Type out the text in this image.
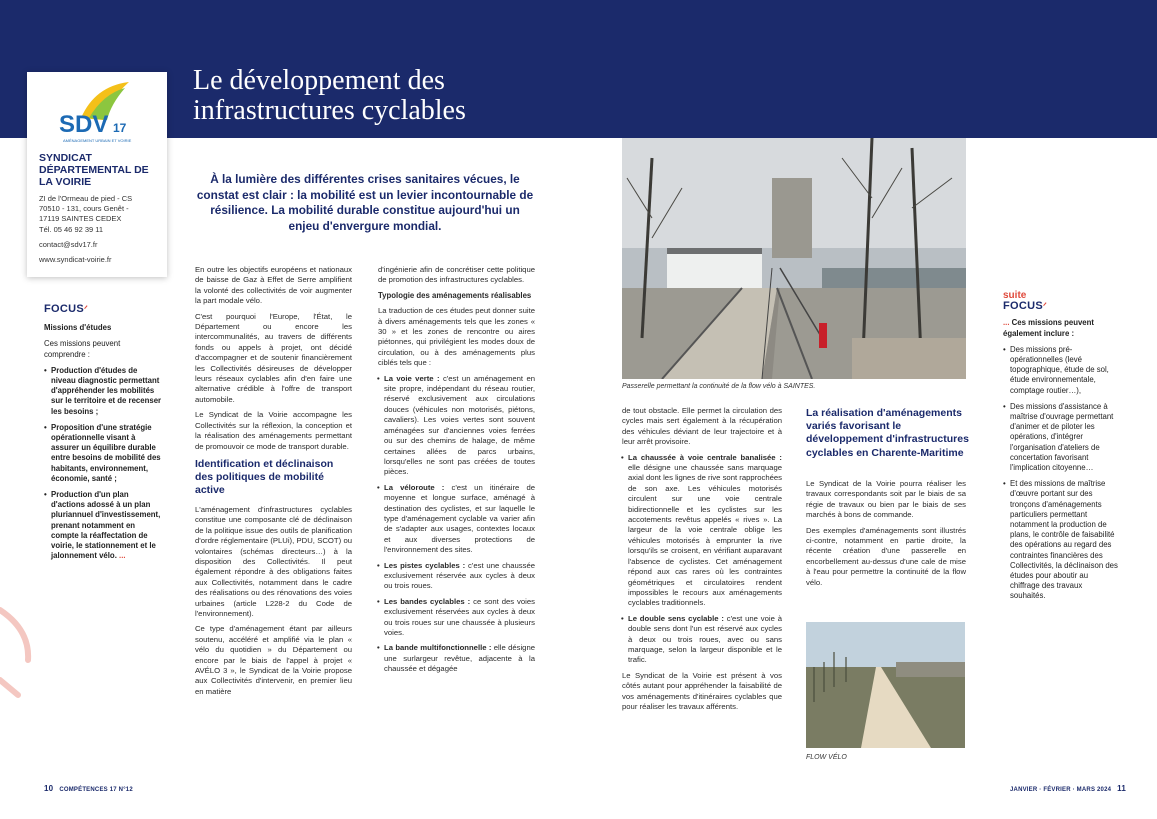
Le développement des
infrastructures cyclables
SDV 17
AMÉNAGEMENT URBAIN ET VOIRIE
SYNDICAT
DÉPARTEMENTAL DE
LA VOIRIE
ZI de l'Ormeau de pied - CS
70510 - 131, cours Genêt -
17119 SAINTES CEDEX
Tél. 05 46 92 39 11
contact@sdv17.fr
www.syndicat-voirie.fr
FOCUSᐟ
Missions d'études
Ces missions peuvent comprendre :
• Production d'études de niveau diagnostic permettant d'appréhender les mobilités sur le territoire et de recenser les besoins ;
• Proposition d'une stratégie opérationnelle visant à assurer un équilibre durable entre besoins de mobilité des habitants, environnement, économie, santé ;
• Production d'un plan d'actions adossé à un plan pluriannuel d'investissement, prenant notamment en compte la réaffectation de voirie, le stationnement et le jalonnement vélo. ...
À la lumière des différentes crises sanitaires vécues, le constat est clair : la mobilité est un levier incontournable de résilience. La mobilité durable constitue aujourd'hui un enjeu d'envergure mondial.

En outre les objectifs européens et nationaux de baisse de Gaz à Effet de Serre amplifient la volonté des collectivités de voir augmenter la part modale vélo.

C'est pourquoi l'Europe, l'État, le Département ou encore les intercommunalités, au travers de différents fonds ou appels à projet, ont décidé d'accompagner et de soutenir financièrement les Collectivités désireuses de développer leurs réseaux cyclables afin d'en faire une alternative crédible à l'offre de transport automobile.

Le Syndicat de la Voirie accompagne les Collectivités sur la réflexion, la conception et la réalisation des aménagements permettant de promouvoir ce mode de transport durable.

Identification et déclinaison des politiques de mobilité active

L'aménagement d'infrastructures cyclables constitue une composante clé de déclinaison de la politique issue des outils de planification d'ordre réglementaire (PLUi), PDU, SCOT) ou volontaires (schémas directeurs…) à la disposition des Collectivités. Il peut également répondre à des obligations faites aux Collectivités, notamment dans le cadre des réalisations ou des rénovations des voies urbaines (article L228-2 du Code de l'environnement).

Ce type d'aménagement étant par ailleurs soutenu, accéléré et amplifié via le plan « vélo du quotidien » du Département ou encore par le biais de l'appel à projet « AVÉLO 3 », le Syndicat de la Voirie propose aux Collectivités d'intervenir, en premier lieu en matière

d'ingénierie afin de concrétiser cette politique de promotion des infrastructures cyclables.

Typologie des aménagements réalisables

La traduction de ces études peut donner suite à divers aménagements tels que les zones « 30 » et les zones de rencontre ou aires piétonnes, qui privilégient les modes doux de circulation, ou à des aménagements plus ciblés tels que :

• La voie verte : c'est un aménagement en site propre, indépendant du réseau routier, réservé exclusivement aux circulations douces (véhicules non motorisés, piétons, cavaliers). Les voies vertes sont souvent aménagées sur d'anciennes voies ferrées ou sur des chemins de halage, de même certaines allées de parcs urbains, lorsqu'elles ne sont pas créées de toutes pièces.
• La véloroute : c'est un itinéraire de moyenne et longue surface, aménagé à destination des cyclistes, et sur laquelle le type d'aménagement cyclable va varier afin de s'adapter aux usages, contextes locaux et aux diverses protections de l'environnement des sites.
• Les pistes cyclables : c'est une chaussée exclusivement réservée aux cycles à deux ou trois roues.
• Les bandes cyclables : ce sont des voies exclusivement réservées aux cycles à deux ou trois roues sur une chaussée à plusieurs voies.
• La bande multifonctionnelle : elle désigne une surlargeur revêtue, adjacente à la chaussée et dégagée

de tout obstacle. Elle permet la circulation des cycles mais sert également à la récupération des véhicules déviant de leur trajectoire et à leur arrêt provisoire.

• La chaussée à voie centrale banalisée : elle désigne une chaussée sans marquage axial dont les lignes de rive sont rapprochées de son axe. Les véhicules motorisés circulent sur une voie centrale bidirectionnelle et les cyclistes sur les accotements revêtus appelés « rives ». La largeur de la voie centrale oblige les véhicules motorisés à emprunter la rive lorsqu'ils se croisent, en vérifiant auparavant l'absence de cyclistes. Cet aménagement répond aux cas rares où les contraintes géométriques et circulatoires rendent impossibles le recours aux aménagements cyclables traditionnels.
• Le double sens cyclable : c'est une voie à double sens dont l'un est réservé aux cycles à deux ou trois roues, avec ou sans marquage, selon la largeur disponible et le trafic.

Le Syndicat de la Voirie est présent à vos côtés autant pour appréhender la faisabilité de vos aménagements d'itinéraires cyclables que pour réaliser les travaux afférents.

Passerelle permettant la continuité de la flow vélo à SAINTES.
La réalisation d'aménagements variés favorisant le développement d'infrastructures cyclables en Charente-Maritime

Le Syndicat de la Voirie pourra réaliser les travaux correspondants soit par le biais de sa régie de travaux ou bien par le biais de ses marchés à bons de commande.

Des exemples d'aménagements sont illustrés ci-contre, notamment en partie droite, la récente création d'une passerelle en encorbellement au-dessus d'une cale de mise à l'eau pour permettre la continuité de la flow vélo.

FLOW VÉLO
suite
FOCUSᐟ
... Ces missions peuvent également inclure :
• Des missions pré-opérationnelles (levé topographique, étude de sol, étude environnementale, comptage routier…),
• Des missions d'assistance à maîtrise d'ouvrage permettant d'animer et de piloter les opérations, d'intégrer l'organisation d'ateliers de concertation favorisant l'implication citoyenne…
• Et des missions de maîtrise d'œuvre portant sur des tronçons d'aménagements particuliers permettant notamment la production de plans, le contrôle de faisabilité des opérations au regard des contraintes financières des Collectivités, la déclinaison des études pour aboutir au chiffrage des travaux souhaités.
10 COMPÉTENCES 17 N°12	JANVIER · FÉVRIER · MARS 2024 11
